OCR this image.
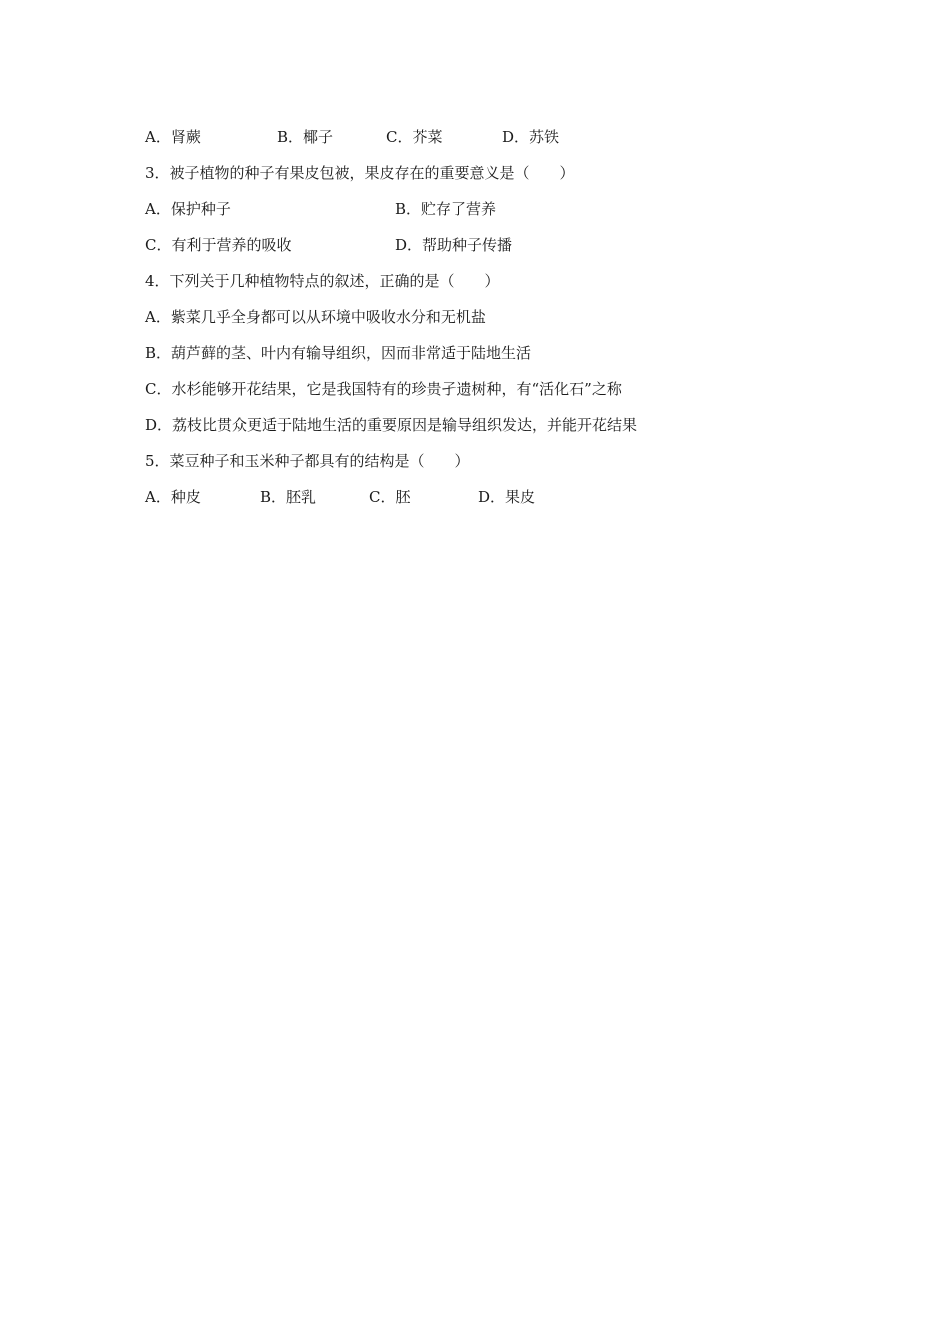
A．肾蕨	B．椰子	C．芥菜	D．苏铁
3．被子植物的种子有果皮包被，果皮存在的重要意义是（　　）
A．保护种子	B．贮存了营养
C．有利于营养的吸收	D．帮助种子传播
4．下列关于几种植物特点的叙述，正确的是（　　）
A．紫菜几乎全身都可以从环境中吸收水分和无机盐
B．葫芦藓的茎、叶内有输导组织，因而非常适于陆地生活
C．水杉能够开花结果，它是我国特有的珍贵孑遗树种，有“活化石”之称
D．荔枝比贯众更适于陆地生活的重要原因是输导组织发达，并能开花结果
5．菜豆种子和玉米种子都具有的结构是（　　）
A．种皮	B．胚乳	C．胚	D．果皮
